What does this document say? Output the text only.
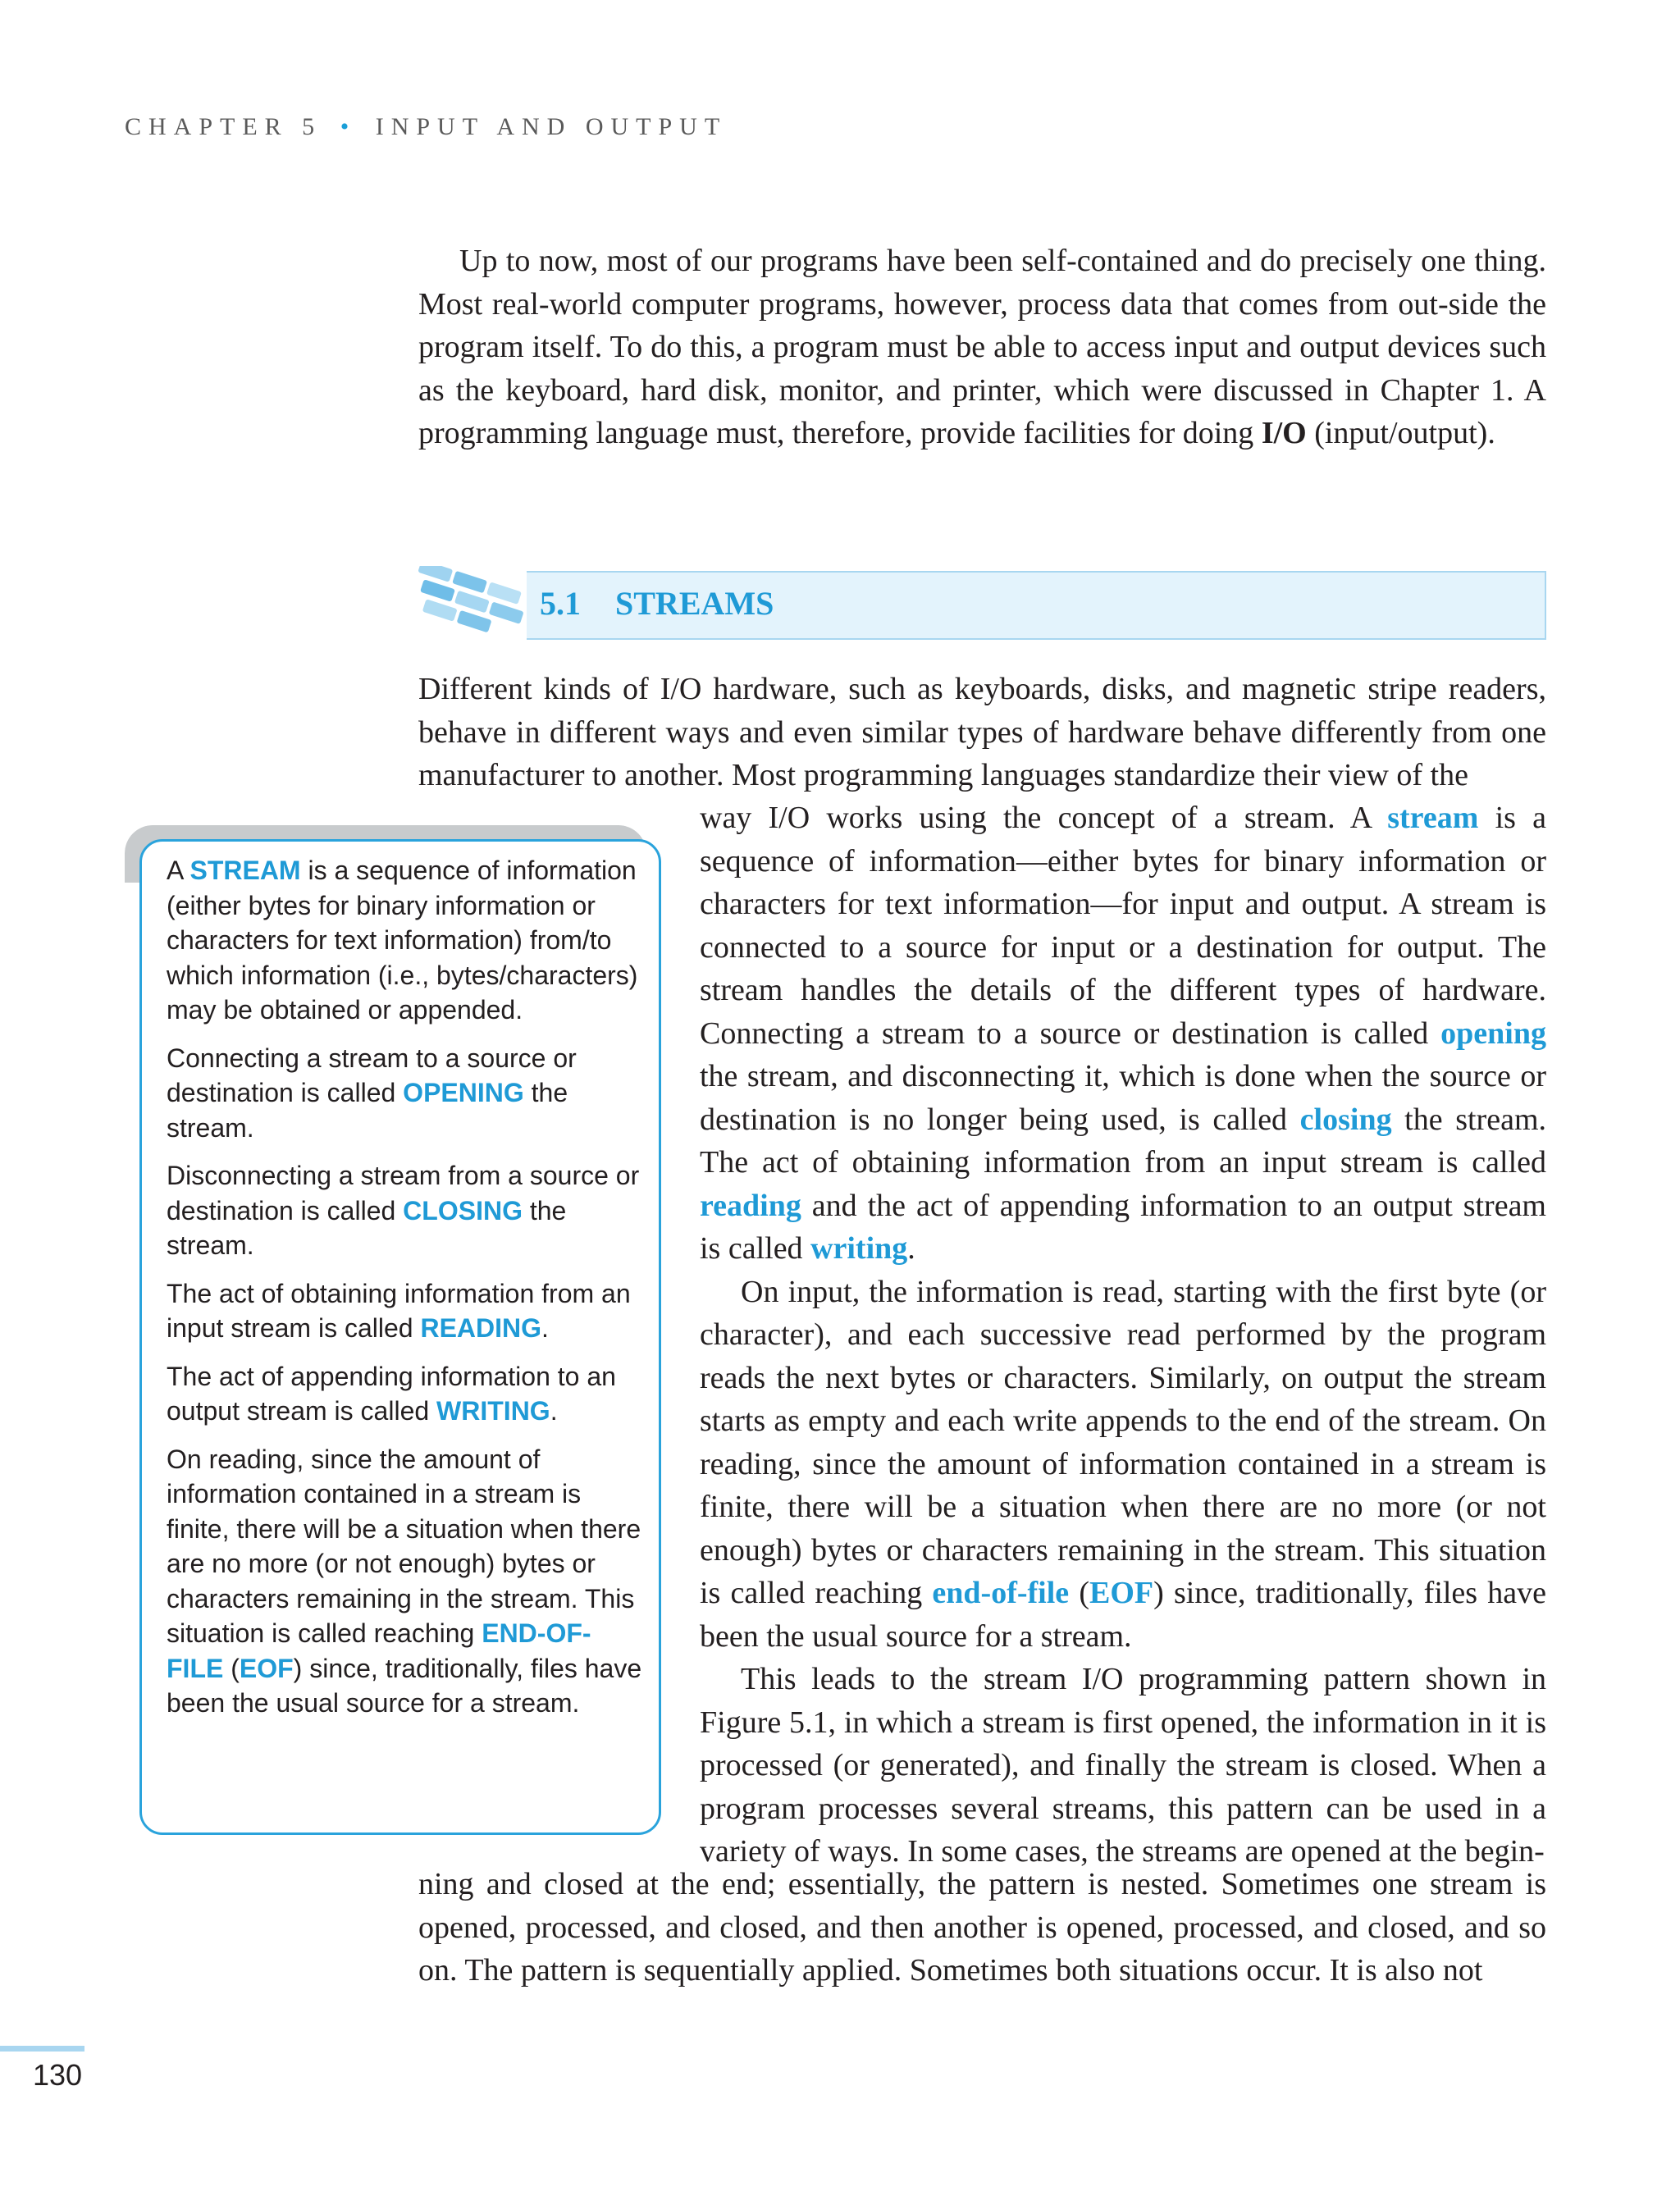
CHAPTER 5 • INPUT AND OUTPUT

Up to now, most of our programs have been self-contained and do precisely one thing. Most real-world computer programs, however, process data that comes from out-side the program itself. To do this, a program must be able to access input and output devices such as the keyboard, hard disk, monitor, and printer, which were discussed in Chapter 1. A programming language must, therefore, provide facilities for doing I/O (input/output).

5.1 STREAMS

Different kinds of I/O hardware, such as keyboards, disks, and magnetic stripe readers, behave in different ways and even similar types of hardware behave differently from one manufacturer to another. Most programming languages standardize their view of the

way I/O works using the concept of a stream. A stream is a sequence of information—either bytes for binary information or characters for text information—for input and output. A stream is connected to a source for input or a destination for output. The stream handles the details of the different types of hardware. Connecting a stream to a source or destination is called opening the stream, and disconnecting it, which is done when the source or destination is no longer being used, is called closing the stream. The act of obtaining information from an input stream is called reading and the act of appending information to an output stream is called writing.

On input, the information is read, starting with the first byte (or character), and each successive read performed by the program reads the next bytes or characters. Similarly, on output the stream starts as empty and each write appends to the end of the stream. On reading, since the amount of information contained in a stream is finite, there will be a situation when there are no more (or not enough) bytes or characters remaining in the stream. This situation is called reaching end-of-file (EOF) since, traditionally, files have been the usual source for a stream.

This leads to the stream I/O programming pattern shown in Figure 5.1, in which a stream is first opened, the information in it is processed (or generated), and finally the stream is closed. When a program processes several streams, this pattern can be used in a variety of ways. In some cases, the streams are opened at the begin-

ning and closed at the end; essentially, the pattern is nested. Sometimes one stream is opened, processed, and closed, and then another is opened, processed, and closed, and so on. The pattern is sequentially applied. Sometimes both situations occur. It is also not

A STREAM is a sequence of information (either bytes for binary information or characters for text information) from/to which information (i.e., bytes/characters) may be obtained or appended.

Connecting a stream to a source or destination is called OPENING the stream.

Disconnecting a stream from a source or destination is called CLOSING the stream.

The act of obtaining information from an input stream is called READING.

The act of appending information to an output stream is called WRITING.

On reading, since the amount of information contained in a stream is finite, there will be a situation when there are no more (or not enough) bytes or characters remaining in the stream. This situation is called reaching END-OF-FILE (EOF) since, traditionally, files have been the usual source for a stream.

130
